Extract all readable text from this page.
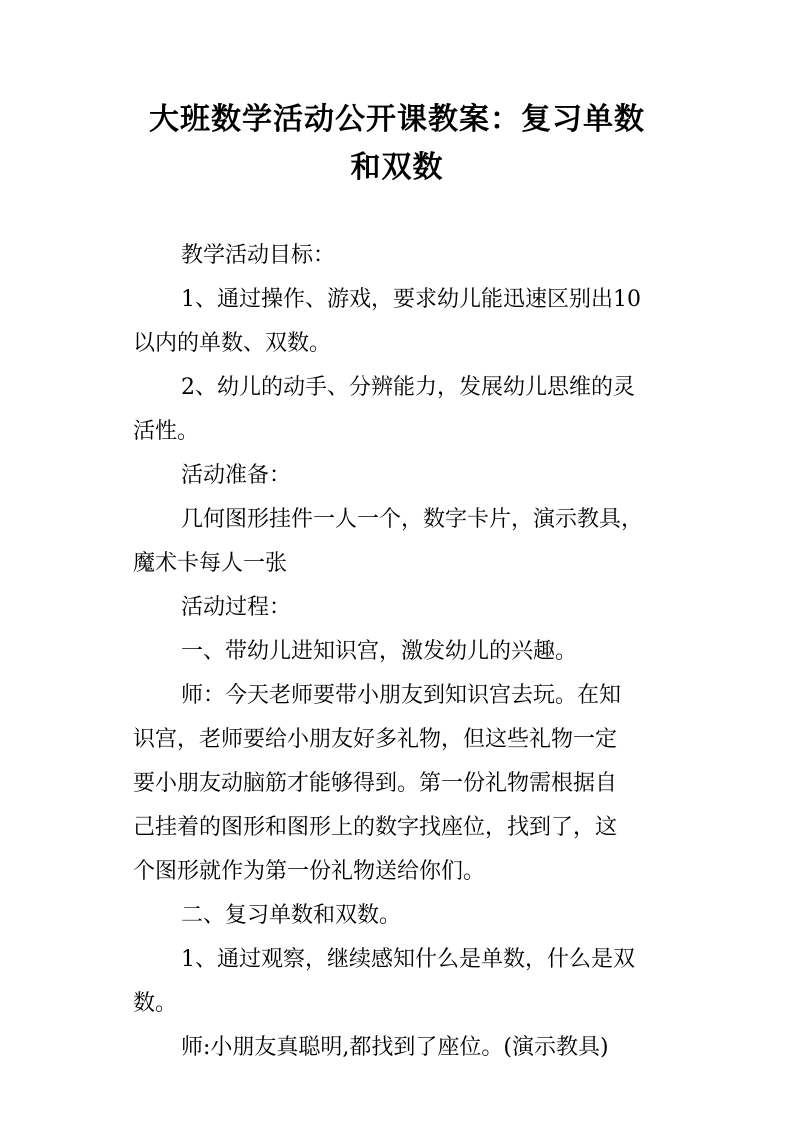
大班数学活动公开课教案：复习单数
和双数
教学活动目标：
1、通过操作、游戏，要求幼儿能迅速区别出10
以内的单数、双数。
2、幼儿的动手、分辨能力，发展幼儿思维的灵
活性。
活动准备：
几何图形挂件一人一个，数字卡片，演示教具，
魔术卡每人一张
活动过程：
一、带幼儿进知识宫，激发幼儿的兴趣。
师：今天老师要带小朋友到知识宫去玩。在知
识宫，老师要给小朋友好多礼物，但这些礼物一定
要小朋友动脑筋才能够得到。第一份礼物需根据自
己挂着的图形和图形上的数字找座位，找到了，这
个图形就作为第一份礼物送给你们。
二、复习单数和双数。
1、通过观察，继续感知什么是单数，什么是双
数。
师:小朋友真聪明,都找到了座位。(演示教具)
